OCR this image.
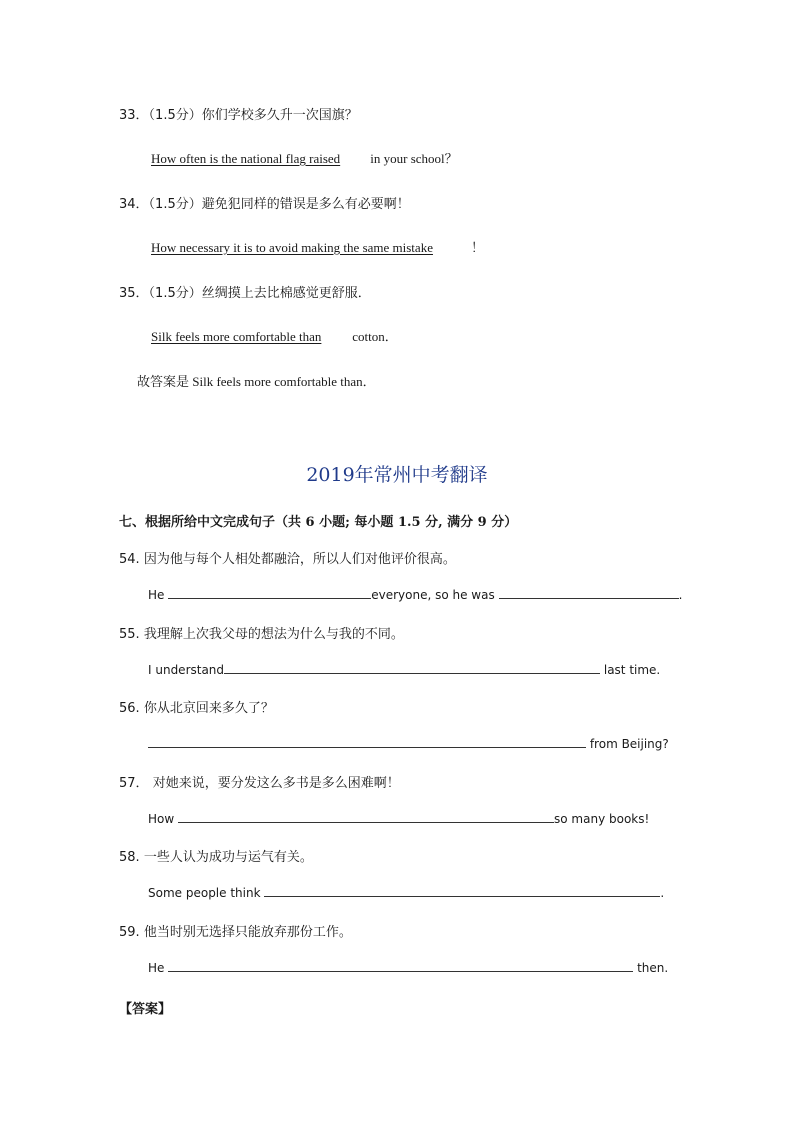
33．（1.5分）你们学校多久升一次国旗？
How often is the national flag raised in your school？
34．（1.5分）避免犯同样的错误是多么有必要啊！
How necessary it is to avoid making the same mistake	！
35．（1.5分）丝绸摸上去比棉感觉更舒服．
Silk feels more comfortable than cotton．
故答案是 Silk feels more comfortable than．
2019年常州中考翻译
七、根据所给中文完成句子（共 6 小题; 每小题 1.5 分, 满分 9 分）
54. 因为他与每个人相处都融洽，所以人们对他评价很高。
He	everyone, so he was	.
55. 我理解上次我父母的想法为什么与我的不同。
I understand	last time.
56. 你从北京回来多久了？
from Beijing?
57． 对她来说，要分发这么多书是多么困难啊！
How	so many books!
58. 一些人认为成功与运气有关。
Some people think	.
59. 他当时别无选择只能放弃那份工作。
He	then.
【答案】
